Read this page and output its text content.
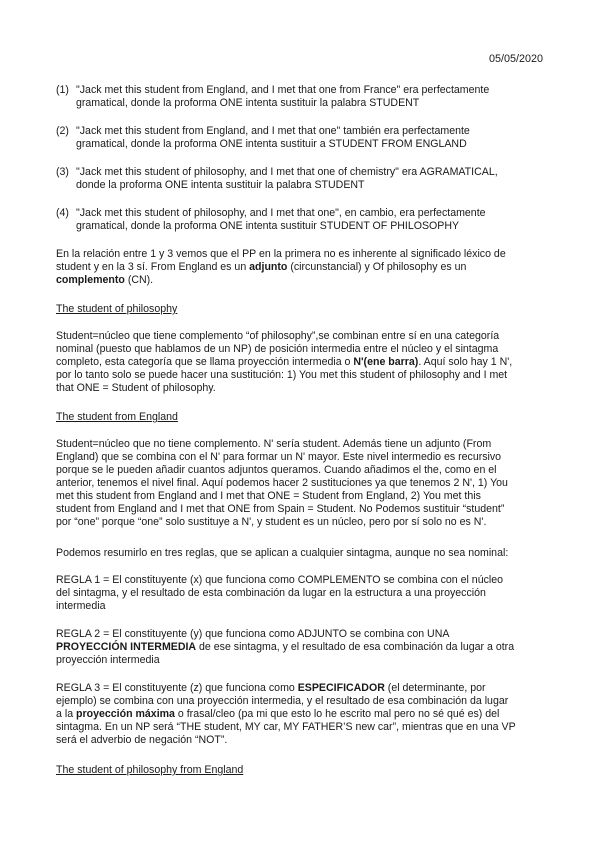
05/05/2020
(1) "Jack met this student from England, and I met that one from France" era perfectamente
gramatical, donde la proforma ONE intenta sustituir la palabra STUDENT
(2) "Jack met this student from England, and I met that one" también era perfectamente
gramatical, donde la proforma ONE intenta sustituir a STUDENT FROM ENGLAND
(3) "Jack met this student of philosophy, and I met that one of chemistry" era AGRAMATICAL,
donde la proforma ONE intenta sustituir la palabra STUDENT
(4) "Jack met this student of philosophy, and I met that one", en cambio, era perfectamente
gramatical, donde la proforma ONE intenta sustituir STUDENT OF PHILOSOPHY
En la relación entre 1 y 3 vemos que el PP en la primera no es inherente al significado léxico de
student y en la 3 sí. From England es un adjunto (circunstancial) y Of philosophy es un
complemento (CN).
The student of philosophy
Student=núcleo que tiene complemento “of philosophy”,se combinan entre sí en una categoría
nominal (puesto que hablamos de un NP) de posición intermedia entre el núcleo y el sintagma
completo, esta categoría que se llama proyección intermedia o N'(ene barra). Aquí solo hay 1 N',
por lo tanto solo se puede hacer una sustitución: 1) You met this student of philosophy and I met
that ONE = Student of philosophy.
The student from England
Student=núcleo que no tiene complemento. N' sería student. Además tiene un adjunto (From
England) que se combina con el N' para formar un N' mayor. Este nivel intermedio es recursivo
porque se le pueden añadir cuantos adjuntos queramos. Cuando añadimos el the, como en el
anterior, tenemos el nivel final. Aquí podemos hacer 2 sustituciones ya que tenemos 2 N', 1) You
met this student from England and I met that ONE = Student from England, 2) You met this
student from England and I met that ONE from Spain = Student. No Podemos sustituir “student”
por “one” porque “one” solo sustituye a N', y student es un núcleo, pero por sí solo no es N'.
Podemos resumirlo en tres reglas, que se aplican a cualquier sintagma, aunque no sea nominal:
REGLA 1 = El constituyente (x) que funciona como COMPLEMENTO se combina con el núcleo
del sintagma, y el resultado de esta combinación da lugar en la estructura a una proyección
intermedia
REGLA 2 = El constituyente (y) que funciona como ADJUNTO se combina con UNA
PROYECCIÓN INTERMEDIA de ese sintagma, y el resultado de esa combinación da lugar a otra
proyección intermedia
REGLA 3 = El constituyente (z) que funciona como ESPECIFICADOR (el determinante, por
ejemplo) se combina con una proyección intermedia, y el resultado de esa combinación da lugar
a la proyección máxima o frasal/cleo (pa mi que esto lo he escrito mal pero no sé qué es) del
sintagma. En un NP será “THE student, MY car, MY FATHER’S new car”, mientras que en una VP
será el adverbio de negación “NOT”.
The student of philosophy from England
